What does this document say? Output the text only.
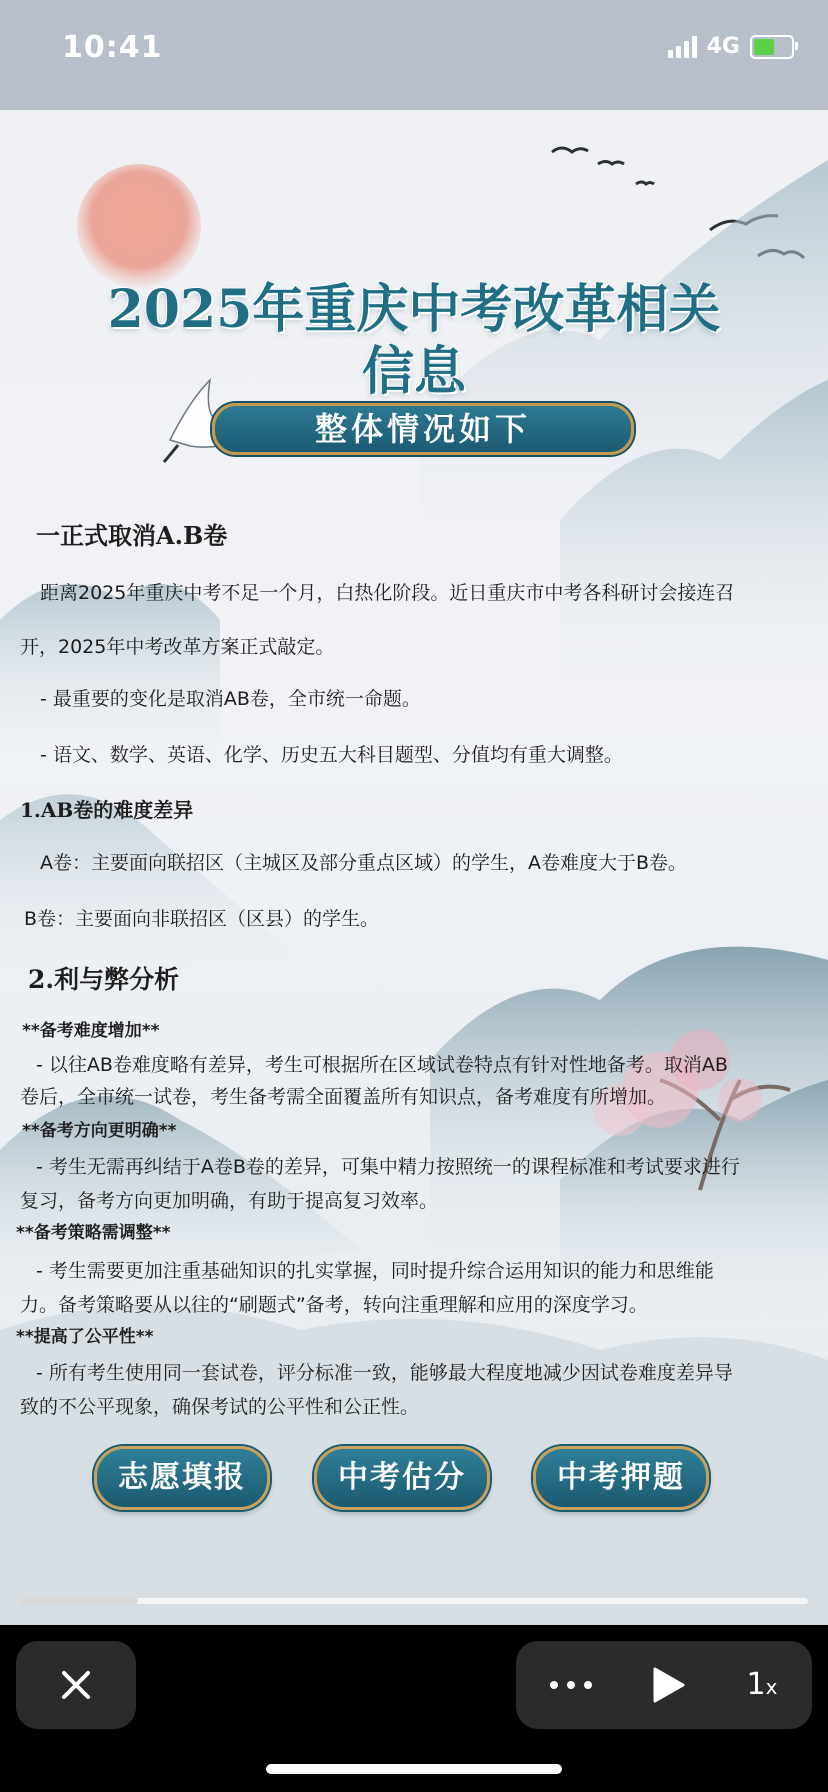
10:41	4G
2025年重庆中考改革相关
信息
整体情况如下
一正式取消A.B卷
距离2025年重庆中考不足一个月，白热化阶段。近日重庆市中考各科研讨会接连召
开，2025年中考改革方案正式敲定。
- 最重要的变化是取消AB卷，全市统一命题。
- 语文、数学、英语、化学、历史五大科目题型、分值均有重大调整。
1.AB卷的难度差异
A卷：主要面向联招区（主城区及部分重点区域）的学生，A卷难度大于B卷。
B卷：主要面向非联招区（区县）的学生。
2.利与弊分析
**备考难度增加**
- 以往AB卷难度略有差异，考生可根据所在区域试卷特点有针对性地备考。取消AB
卷后，全市统一试卷，考生备考需全面覆盖所有知识点，备考难度有所增加。
**备考方向更明确**
- 考生无需再纠结于A卷B卷的差异，可集中精力按照统一的课程标准和考试要求进行
复习，备考方向更加明确，有助于提高复习效率。
**备考策略需调整**
- 考生需要更加注重基础知识的扎实掌握，同时提升综合运用知识的能力和思维能
力。备考策略要从以往的“刷题式”备考，转向注重理解和应用的深度学习。
**提高了公平性**
- 所有考生使用同一套试卷，评分标准一致，能够最大程度地减少因试卷难度差异导
致的不公平现象，确保考试的公平性和公正性。
志愿填报	中考估分	中考押题
1x
